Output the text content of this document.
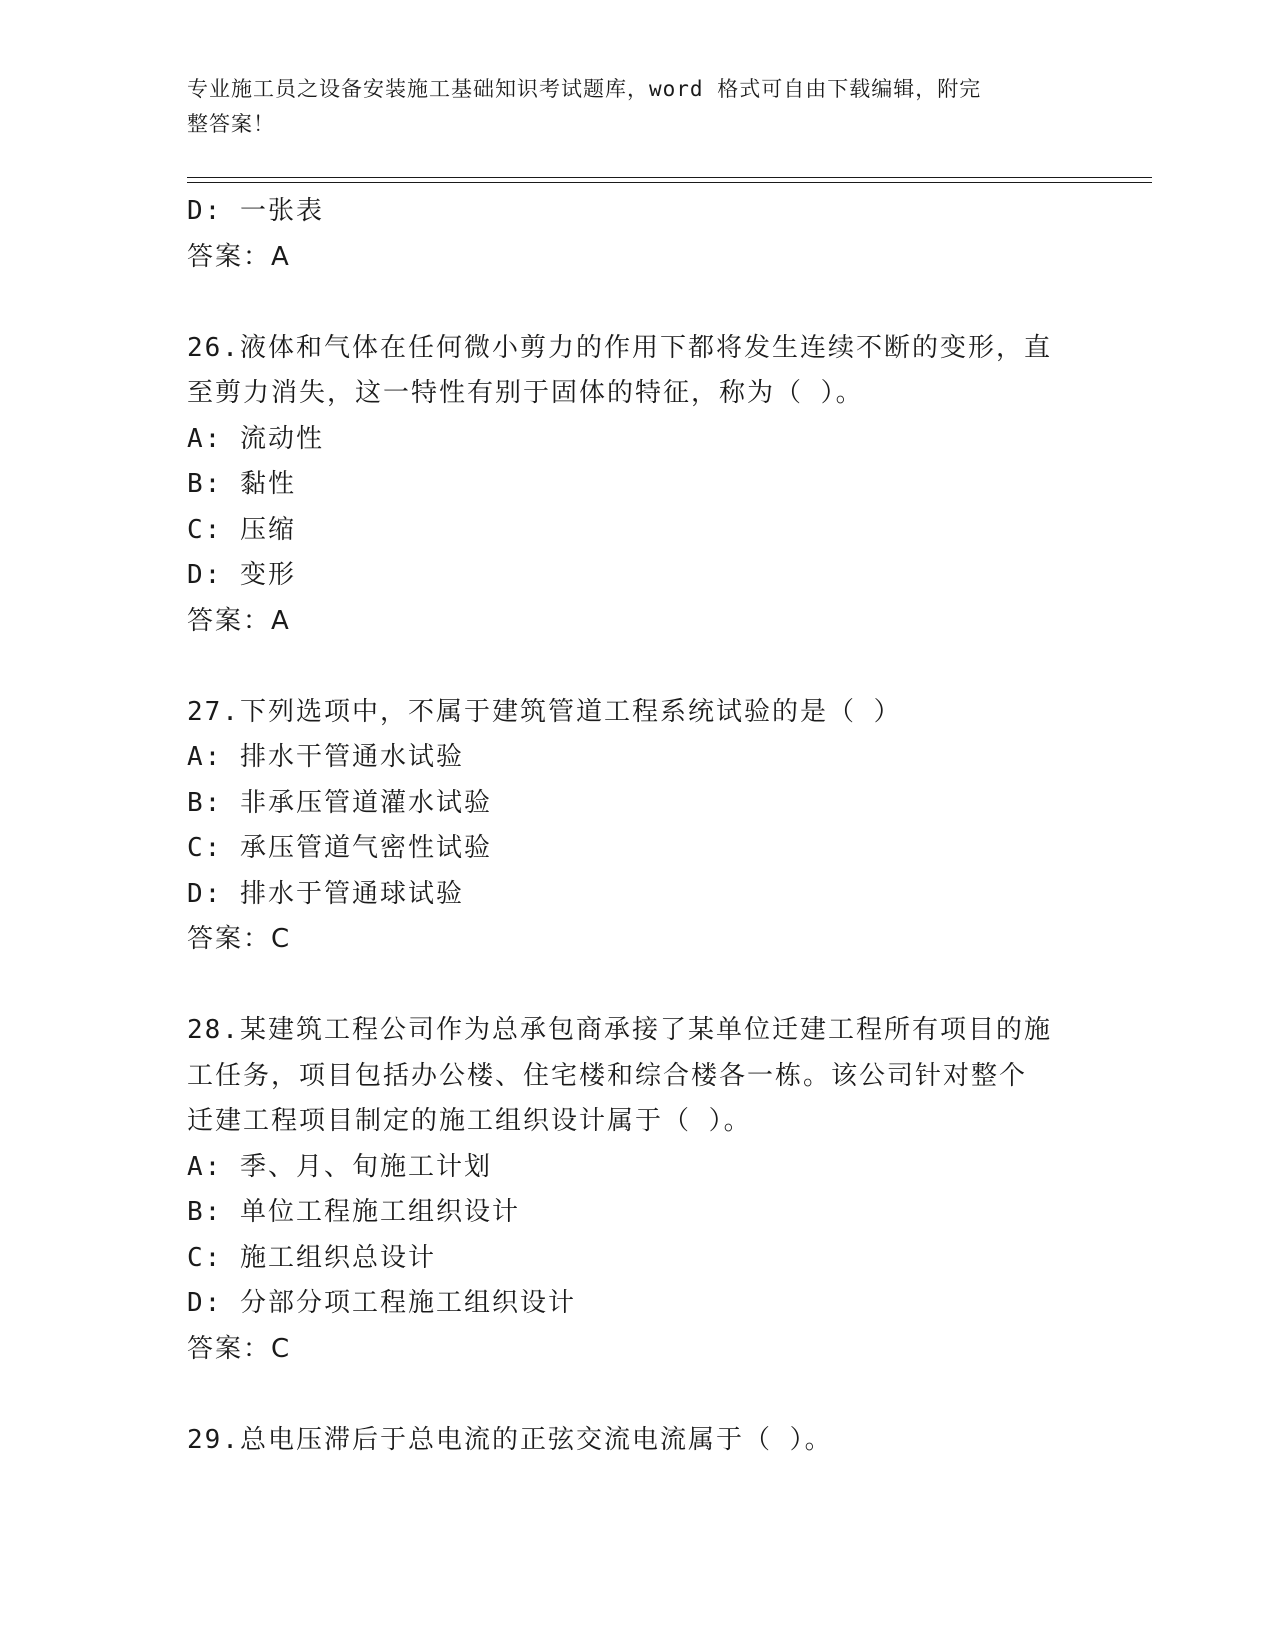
专业施工员之设备安装施工基础知识考试题库，word 格式可自由下载编辑，附完
整答案！
D: 一张表
答案：A
26.液体和气体在任何微小剪力的作用下都将发生连续不断的变形，直
至剪力消失，这一特性有别于固体的特征，称为（ ）。
A: 流动性
B: 黏性
C: 压缩
D: 变形
答案：A
27.下列选项中，不属于建筑管道工程系统试验的是（ ）
A: 排水干管通水试验
B: 非承压管道灌水试验
C: 承压管道气密性试验
D: 排水于管通球试验
答案：C
28.某建筑工程公司作为总承包商承接了某单位迁建工程所有项目的施
工任务，项目包括办公楼、住宅楼和综合楼各一栋。该公司针对整个
迁建工程项目制定的施工组织设计属于（ ）。
A: 季、月、旬施工计划
B: 单位工程施工组织设计
C: 施工组织总设计
D: 分部分项工程施工组织设计
答案：C
29.总电压滞后于总电流的正弦交流电流属于（ ）。
